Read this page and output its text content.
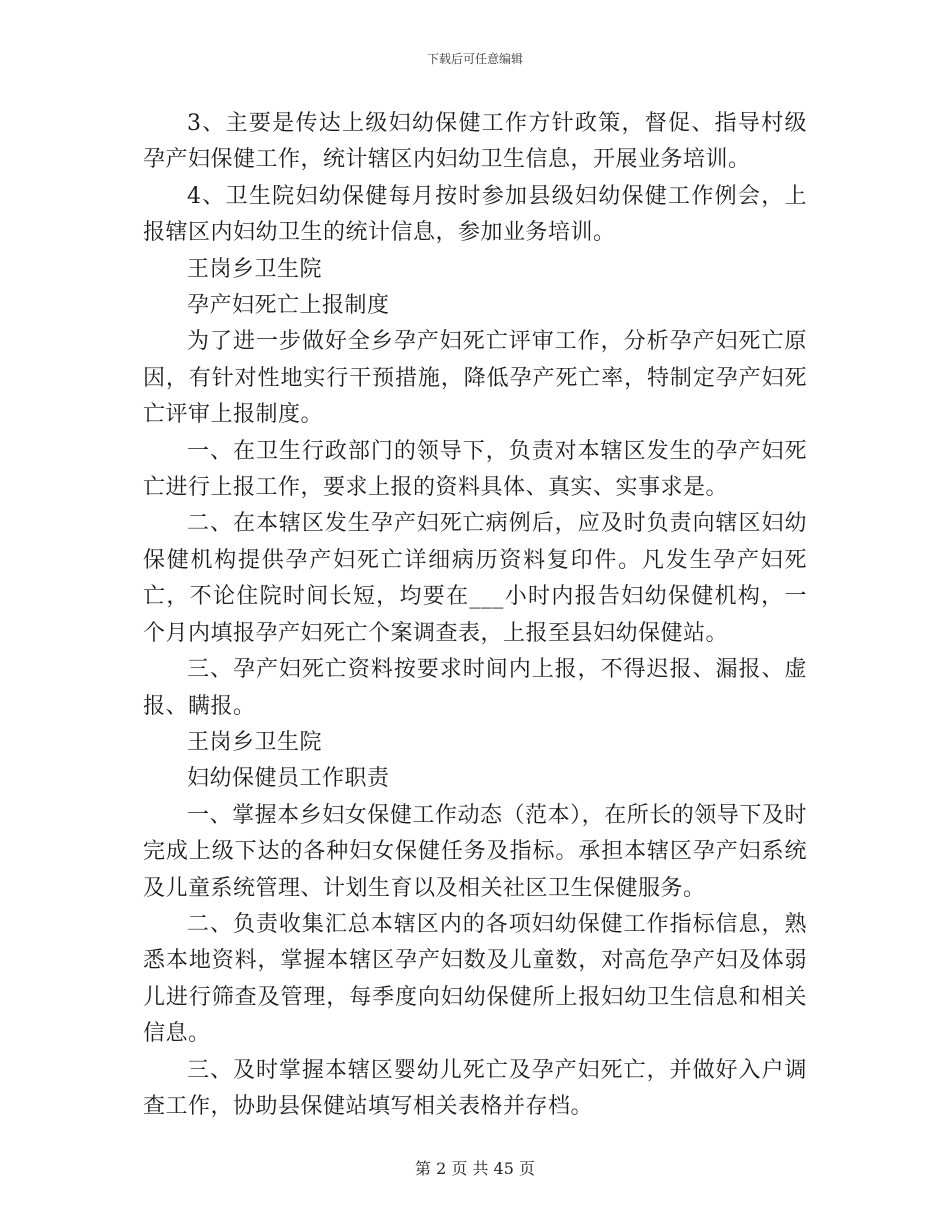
下载后可任意编辑

3、主要是传达上级妇幼保健工作方针政策，督促、指导村级孕产妇保健工作，统计辖区内妇幼卫生信息，开展业务培训。

4、卫生院妇幼保健每月按时参加县级妇幼保健工作例会，上报辖区内妇幼卫生的统计信息，参加业务培训。

王岗乡卫生院

孕产妇死亡上报制度

为了进一步做好全乡孕产妇死亡评审工作，分析孕产妇死亡原因，有针对性地实行干预措施，降低孕产死亡率，特制定孕产妇死亡评审上报制度。

一、在卫生行政部门的领导下，负责对本辖区发生的孕产妇死亡进行上报工作，要求上报的资料具体、真实、实事求是。

二、在本辖区发生孕产妇死亡病例后，应及时负责向辖区妇幼保健机构提供孕产妇死亡详细病历资料复印件。凡发生孕产妇死亡，不论住院时间长短，均要在___小时内报告妇幼保健机构，一个月内填报孕产妇死亡个案调查表，上报至县妇幼保健站。

三、孕产妇死亡资料按要求时间内上报，不得迟报、漏报、虚报、瞒报。

王岗乡卫生院

妇幼保健员工作职责

一、掌握本乡妇女保健工作动态（范本），在所长的领导下及时完成上级下达的各种妇女保健任务及指标。承担本辖区孕产妇系统及儿童系统管理、计划生育以及相关社区卫生保健服务。

二、负责收集汇总本辖区内的各项妇幼保健工作指标信息，熟悉本地资料，掌握本辖区孕产妇数及儿童数，对高危孕产妇及体弱儿进行筛查及管理，每季度向妇幼保健所上报妇幼卫生信息和相关信息。

三、及时掌握本辖区婴幼儿死亡及孕产妇死亡，并做好入户调查工作，协助县保健站填写相关表格并存档。

第 2 页 共 45 页
